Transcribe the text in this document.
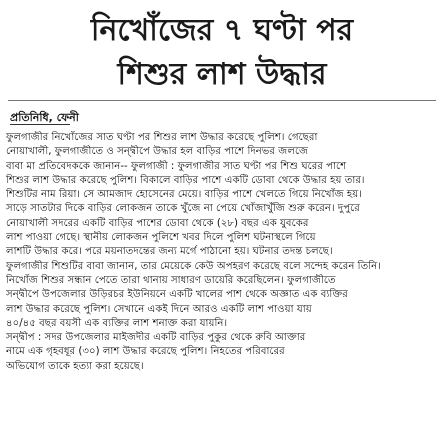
নিখোঁজের ৭ ঘণ্টা পর
শিশুর লাশ উদ্ধার
প্রতিনিধি, ফেনী
ফুলগাজীর নিখোঁজের সাত ঘণ্টা পর শিশুর লাশ উদ্ধার করেছে পুলিশ। গেছেরা
নোয়াখালী, ফুলগাজীতে ও সন্দ্বীপে উদ্ধার হল বাড়ির পাশে দিনভর জলজে
বাবা মা প্রতিবেদককে জানান-- ফুলগাজী : ফুলগাজীর সাত ঘণ্টা পর শিশু ঘরের পাশে
শিশুর লাশ উদ্ধার করেছে পুলিশ। বিকালে বাড়ির পাশে একটি ডোবা থেকে উদ্ধার হয় তার।
শিশুটির নাম রিয়া। সে আমজাদ হোসেনের মেয়ে। বাড়ির পাশে খেলতে গিয়ে নিখোঁজ হয়।
সাড়ে সাতটার দিকে বাড়ির লোকজন তাকে খুঁজে না পেয়ে খোঁজাখুঁজি শুরু করেন। দুপুরে
নোয়াখালী সদরের একটি বাড়ির পাশের ডোবা থেকে (২৮) বছর এক যুবকের
লাশ পাওয়া গেছে। স্থানীয় লোকজন পুলিশে খবর দিলে পুলিশ ঘটনাস্থলে গিয়ে
লাশটি উদ্ধার করে। পরে ময়নাতদন্তের জন্য মর্গে পাঠানো হয়। ঘটনার তদন্ত চলছে।
ফুলগাজীর শিশুটির বাবা জানান, তার মেয়েকে কেউ অপহরণ করেছে বলে সন্দেহ করেন তিনি।
নিখোঁজ শিশুর সন্ধান পেতে তারা থানায় সাধারণ ডায়েরি করেছিলেন। ফুলগাজীতে
সন্দ্বীপে উপজেলার উড়িরচর ইউনিয়নে একটি খালের পাশ থেকে অজ্ঞাত এক ব্যক্তির
লাশ উদ্ধার করেছে পুলিশ। সেখানে একই দিনে আরও একটি লাশ পাওয়া যায়
৪০/৪৫ বছর বয়সী এক ব্যক্তির লাশ শনাক্ত করা যায়নি।
সন্দ্বীপ : সদর উপজেলার মাইজদীর একটি বাড়ির পুকুর থেকে রুবি আক্তার
নামে এক গৃহবধূর (৩০) লাশ উদ্ধার করেছে পুলিশ। নিহতের পরিবারের
অভিযোগ তাকে হত্যা করা হয়েছে।
